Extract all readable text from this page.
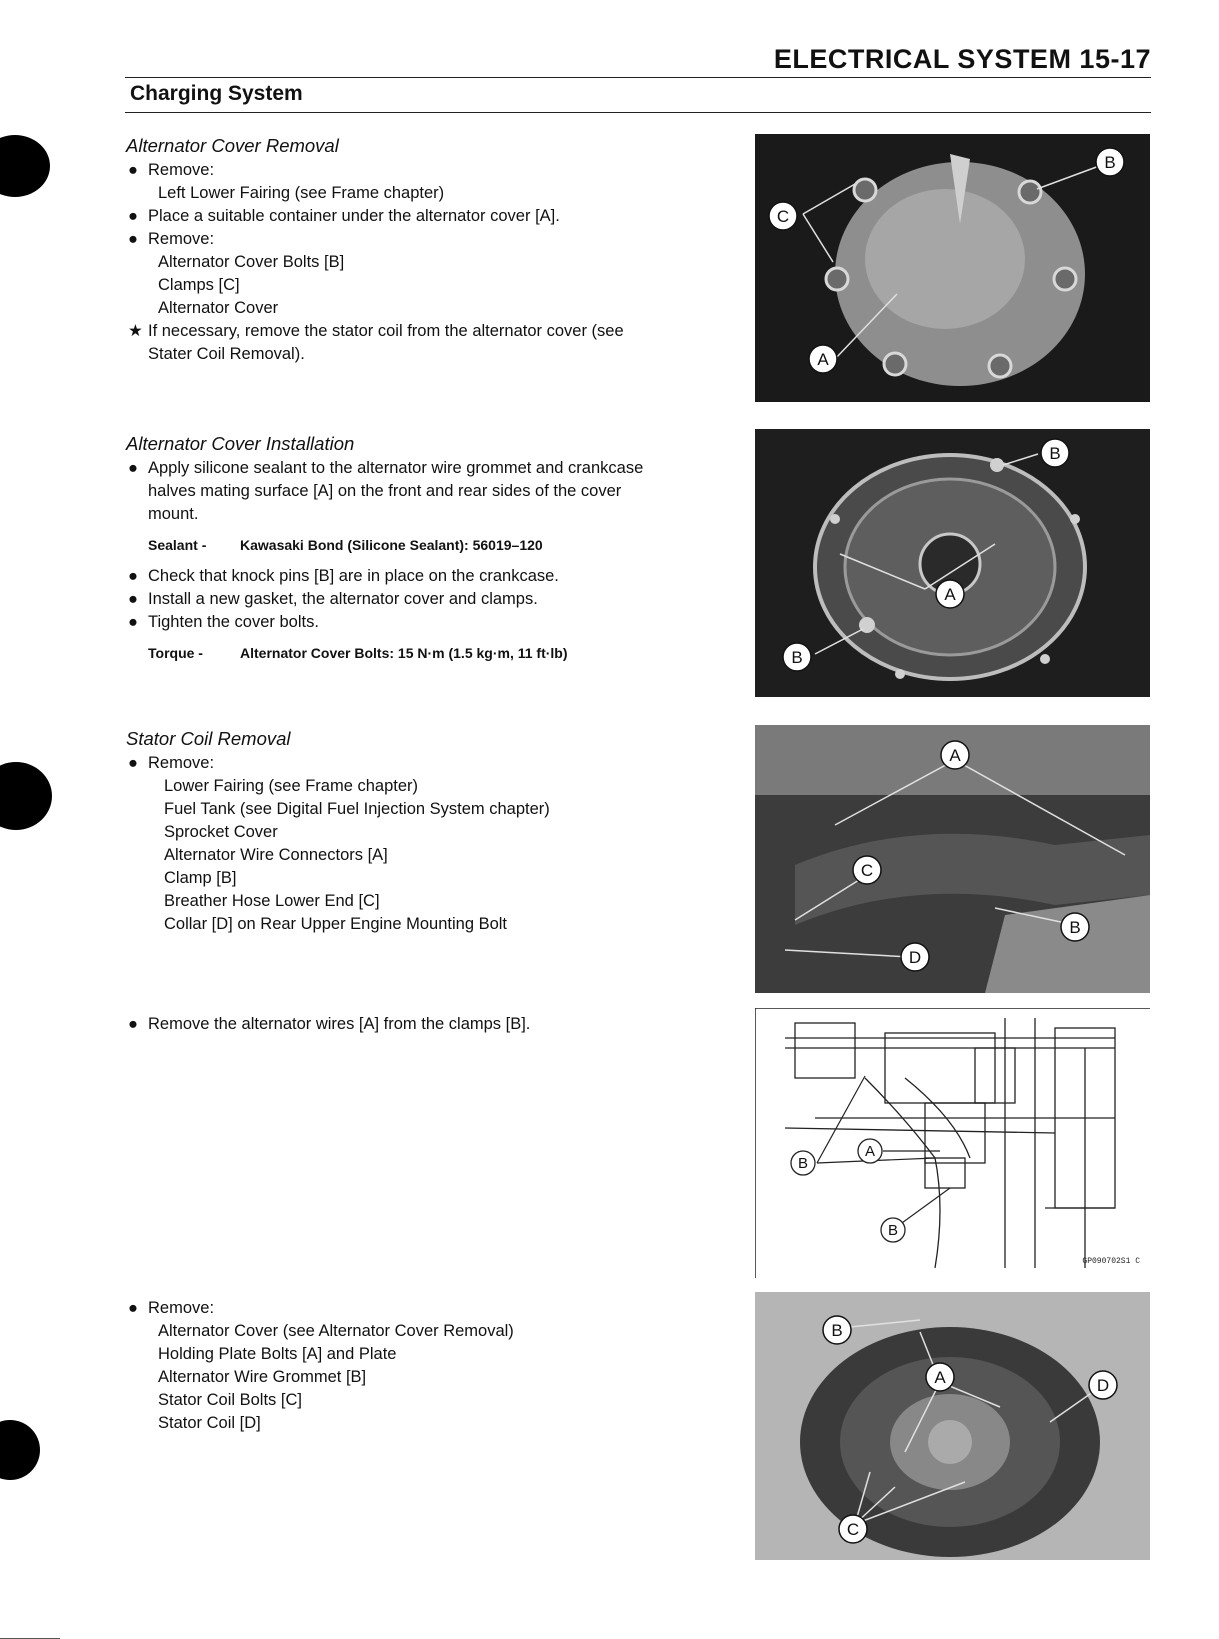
ELECTRICAL SYSTEM 15-17
Charging System
Alternator Cover Removal
● Remove:
Left Lower Fairing (see Frame chapter)
● Place a suitable container under the alternator cover [A].
● Remove:
Alternator Cover Bolts [B]
Clamps [C]
Alternator Cover
★ If necessary, remove the stator coil from the alternator cover (see
Stater Coil Removal).
Alternator Cover Installation
● Apply silicone sealant to the alternator wire grommet and crankcase
halves mating surface [A] on the front and rear sides of the cover
mount.
Sealant - Kawasaki Bond (Silicone Sealant): 56019–120
● Check that knock pins [B] are in place on the crankcase.
● Install a new gasket, the alternator cover and clamps.
● Tighten the cover bolts.
Torque -	Alternator Cover Bolts: 15 N·m (1.5 kg·m, 11 ft·lb)
Stator Coil Removal
● Remove:
Lower Fairing (see Frame chapter)
Fuel Tank (see Digital Fuel Injection System chapter)
Sprocket Cover
Alternator Wire Connectors [A]
Clamp [B]
Breather Hose Lower End [C]
Collar [D] on Rear Upper Engine Mounting Bolt
● Remove the alternator wires [A] from the clamps [B].
● Remove:
Alternator Cover (see Alternator Cover Removal)
Holding Plate Bolts [A] and Plate
Alternator Wire Grommet [B]
Stator Coil Bolts [C]
Stator Coil [D]
B
C
A
B
A
B
A
C
B
D
B
A
B
GP090702S1 C
B
A	D
C
